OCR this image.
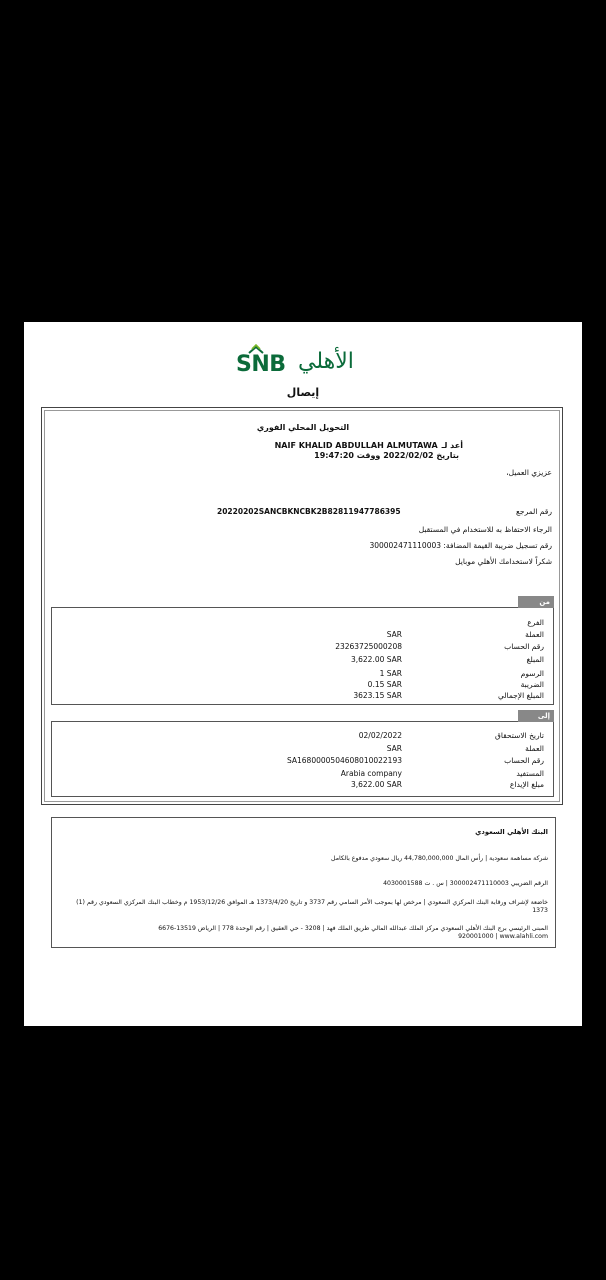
SNB الأهلي
إيصال
التحويل المحلي الفوري
أعد لـ
NAIF KHALID ABDULLAH ALMUTAWA
بتاريخ 2022/02/02 ووقت 19:47:20
عزيزي العميل،
رقم المرجع
20220202SANCBKNCBK2B82811947786395
الرجاء الاحتفاظ به للاستخدام في المستقبل
رقم تسجيل ضريبة القيمة المضافة: 300002471110003
شكراً لاستخدامك الأهلي موبايل
من
الفرع
العملة
SAR
رقم الحساب
23263725000208
المبلغ
3,622.00 SAR
الرسوم
1 SAR
الضريبة
0.15 SAR
المبلغ الإجمالي
3623.15 SAR
إلى
تاريخ الاستحقاق
02/02/2022
العملة
SAR
رقم الحساب
SA1680000504608010022193
المستفيد
Arabia company
مبلغ الإيداع
3,622.00 SAR
البنك الأهلي السعودي
شركة مساهمة سعودية | رأس المال 44,780,000,000 ريال سعودي مدفوع بالكامل
الرقم الضريبي 300002471110003 | س . ت 4030001588
خاضعة لإشراف ورقابة البنك المركزي السعودي | مرخص لها بموجب الأمر السامي رقم 3737 و تاريخ 1373/4/20 هـ الموافق 1953/12/26 م وخطاب البنك المركزي السعودي رقم (1) 1373
المبنى الرئيسي برج البنك الأهلي السعودي مركز الملك عبدالله المالي طريق الملك فهد | 3208 - حي العقيق | رقم الوحدة 778 | الرياض 13519-6676
920001000 | www.alahli.com
